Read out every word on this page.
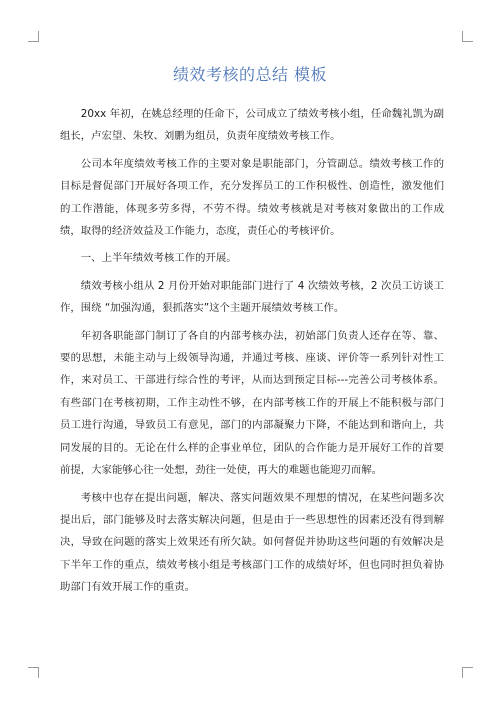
绩效考核的总结 模板

20xx 年初，在姚总经理的任命下，公司成立了绩效考核小组，任命魏礼凯为副组长，卢宏望、朱牧、刘鹏为组员，负责年度绩效考核工作。

公司本年度绩效考核工作的主要对象是职能部门，分管副总。绩效考核工作的目标是督促部门开展好各项工作，充分发挥员工的工作积极性、创造性，激发他们的工作潜能，体现多劳多得，不劳不得。绩效考核就是对考核对象做出的工作成绩，取得的经济效益及工作能力，态度，责任心的考核评价。

一、上半年绩效考核工作的开展。

绩效考核小组从 2 月份开始对职能部门进行了 4 次绩效考核，2 次员工访谈工作，围绕 “加强沟通，狠抓落实”这个主题开展绩效考核工作。

年初各职能部门制订了各自的内部考核办法，初始部门负责人还存在等、靠、要的思想，未能主动与上级领导沟通，并通过考核、座谈、评价等一系列针对性工作，来对员工、干部进行综合性的考评，从而达到预定目标---完善公司考核体系。有些部门在考核初期，工作主动性不够，在内部考核工作的开展上不能积极与部门员工进行沟通，导致员工有意见，部门的内部凝聚力下降，不能达到和谐向上，共同发展的目的。无论在什么样的企事业单位，团队的合作能力是开展好工作的首要前提，大家能够心往一处想，劲往一处使，再大的难题也能迎刃而解。

考核中也存在提出问题，解决、落实问题效果不理想的情况，在某些问题多次提出后，部门能够及时去落实解决问题，但是由于一些思想性的因素还没有得到解决，导致在问题的落实上效果还有所欠缺。如何督促并协助这些问题的有效解决是下半年工作的重点，绩效考核小组是考核部门工作的成绩好坏，但也同时担负着协助部门有效开展工作的重责。
